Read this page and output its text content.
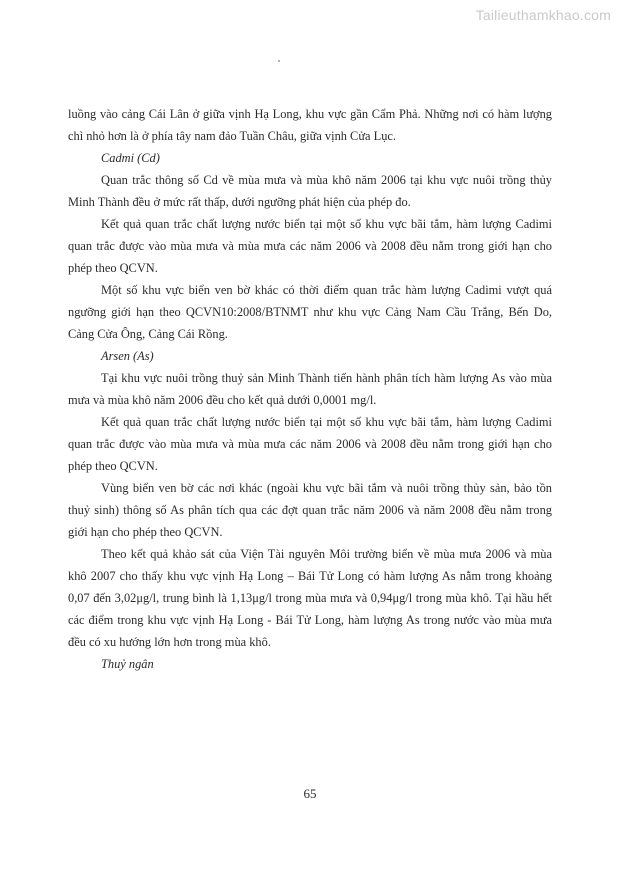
Tailieuthamkhao.com

luồng vào cảng Cái Lân ở giữa vịnh Hạ Long, khu vực gần Cẩm Phả. Những nơi có hàm lượng chì nhỏ hơn là ở phía tây nam đảo Tuần Châu, giữa vịnh Cửa Lục.

Cadmi (Cd)

Quan trắc thông số Cd về mùa mưa và mùa khô năm 2006 tại khu vực nuôi trồng thủy Minh Thành đều ở mức rất thấp, dưới ngưỡng phát hiện của phép đo.

Kết quả quan trắc chất lượng nước biển tại một số khu vực bãi tắm, hàm lượng Cadimi quan trắc được vào mùa mưa và mùa mưa các năm 2006 và 2008 đều nằm trong giới hạn cho phép theo QCVN.

Một số khu vực biển ven bờ khác có thời điểm quan trắc hàm lượng Cadimi vượt quá ngưỡng giới hạn theo QCVN10:2008/BTNMT như khu vực Cảng Nam Cầu Trắng, Bến Do, Cảng Cửa Ông, Cảng Cái Rồng.

Arsen (As)

Tại khu vực nuôi trồng thuỷ sản Minh Thành tiến hành phân tích hàm lượng As vào mùa mưa và mùa khô năm 2006 đều cho kết quả dưới 0,0001 mg/l.

Kết quả quan trắc chất lượng nước biển tại một số khu vực bãi tắm, hàm lượng Cadimi quan trắc được vào mùa mưa và mùa mưa các năm 2006 và 2008 đều nằm trong giới hạn cho phép theo QCVN.

Vùng biển ven bờ các nơi khác (ngoài khu vực bãi tắm và nuôi trồng thủy sản, bảo tồn thuỷ sinh) thông số As phân tích qua các đợt quan trắc năm 2006 và năm 2008 đều nằm trong giới hạn cho phép theo QCVN.

Theo kết quả khảo sát của Viện Tài nguyên Môi trường biển về mùa mưa 2006 và mùa khô 2007 cho thấy khu vực vịnh Hạ Long – Bái Tử Long có hàm lượng As nằm trong khoảng 0,07 đến 3,02μg/l, trung bình là 1,13μg/l trong mùa mưa và 0,94μg/l trong mùa khô. Tại hầu hết các điểm trong khu vực vịnh Hạ Long - Bái Tử Long, hàm lượng As trong nước vào mùa mưa đều có xu hướng lớn hơn trong mùa khô.

Thuỷ ngân

65
